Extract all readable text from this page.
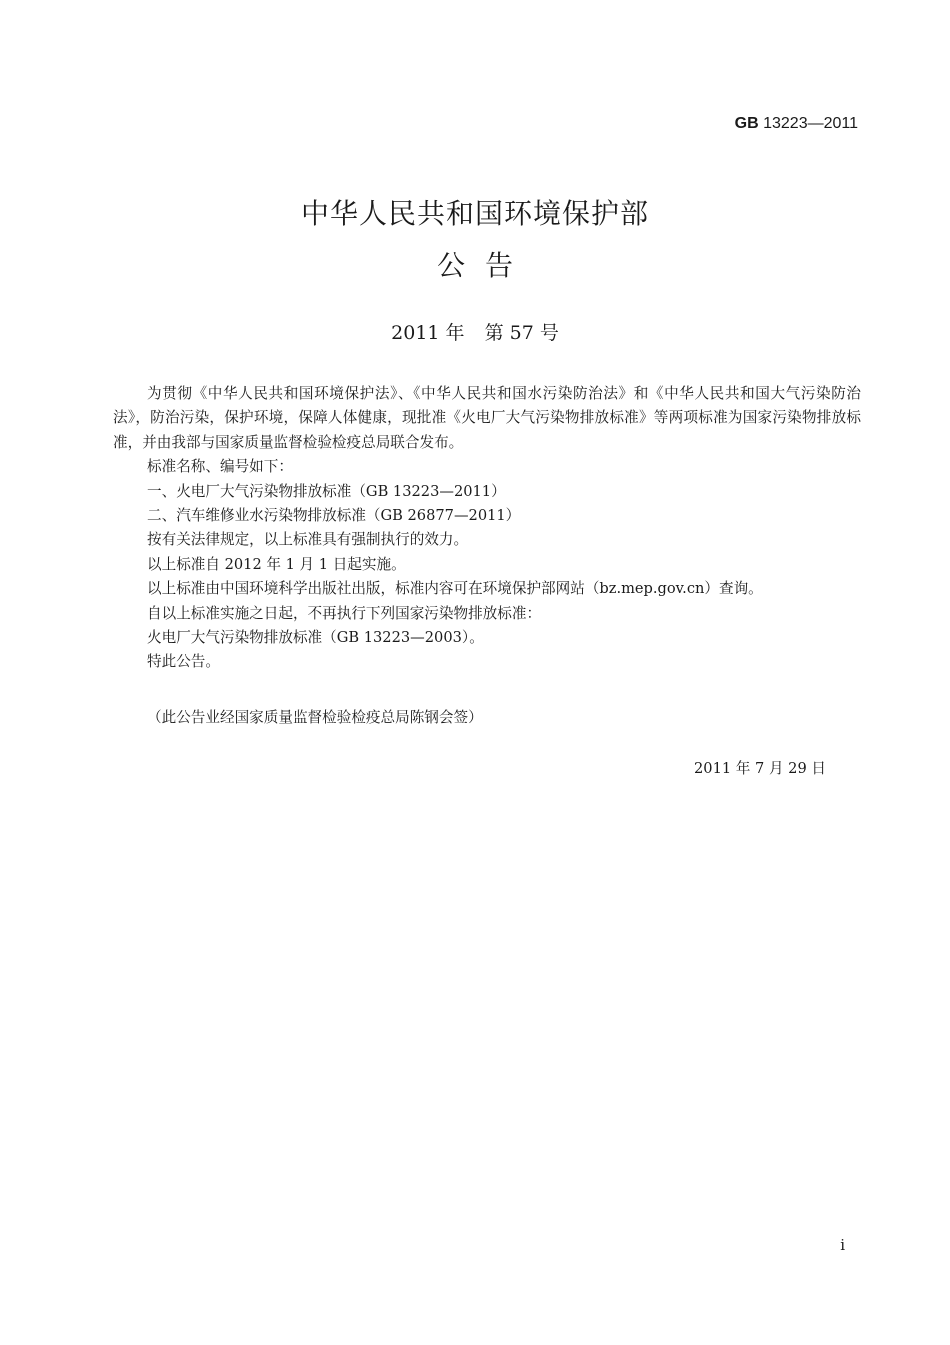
GB 13223—2011
中华人民共和国环境保护部
公告
2011 年 第 57 号

为贯彻《中华人民共和国环境保护法》、《中华人民共和国水污染防治法》和《中华人民共和国大气污染防治法》，防治污染，保护环境，保障人体健康，现批准《火电厂大气污染物排放标准》等两项标准为国家污染物排放标准，并由我部与国家质量监督检验检疫总局联合发布。

标准名称、编号如下：

一、火电厂大气污染物排放标准（GB 13223—2011）

二、汽车维修业水污染物排放标准（GB 26877—2011）

按有关法律规定，以上标准具有强制执行的效力。

以上标准自 2012 年 1 月 1 日起实施。

以上标准由中国环境科学出版社出版，标准内容可在环境保护部网站（bz.mep.gov.cn）查询。

自以上标准实施之日起，不再执行下列国家污染物排放标准：

火电厂大气污染物排放标准（GB 13223—2003）。

特此公告。

（此公告业经国家质量监督检验检疫总局陈钢会签）
2011 年 7 月 29 日
i
